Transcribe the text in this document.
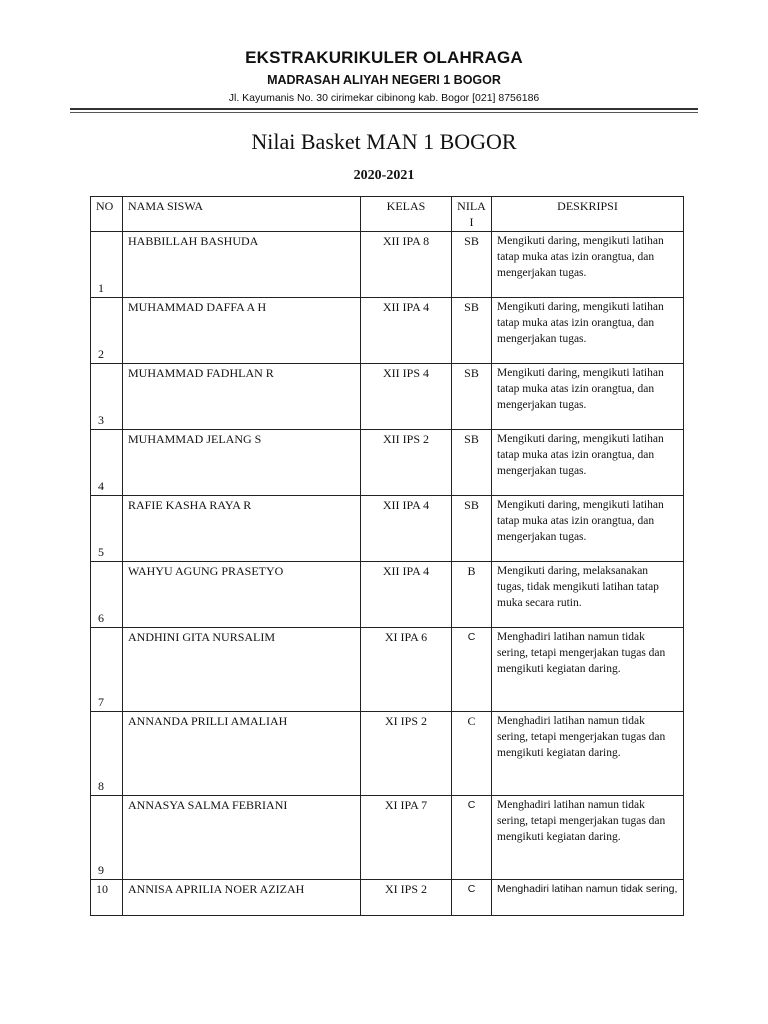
EKSTRAKURIKULER OLAHRAGA
MADRASAH ALIYAH NEGERI 1 BOGOR
Jl. Kayumanis No. 30 cirimekar cibinong kab. Bogor [021] 8756186
Nilai Basket MAN 1 BOGOR
2020-2021
NO	NAMA SISWA	KELAS	NILA I	DESKRIPSI

1	HABBILLAH BASHUDA	XII IPA 8	SB	Mengikuti daring, mengikuti latihan tatap muka atas izin orangtua, dan mengerjakan tugas.

2	MUHAMMAD DAFFA A H	XII IPA 4	SB	Mengikuti daring, mengikuti latihan tatap muka atas izin orangtua, dan mengerjakan tugas.

3	MUHAMMAD FADHLAN R	XII IPS 4	SB	Mengikuti daring, mengikuti latihan tatap muka atas izin orangtua, dan mengerjakan tugas.

4	MUHAMMAD JELANG S	XII IPS 2	SB	Mengikuti daring, mengikuti latihan tatap muka atas izin orangtua, dan mengerjakan tugas.

5	RAFIE KASHA RAYA R	XII IPA 4	SB	Mengikuti daring, mengikuti latihan tatap muka atas izin orangtua, dan mengerjakan tugas.

6	WAHYU AGUNG PRASETYO	XII IPA 4	B	Mengikuti daring, melaksanakan tugas, tidak mengikuti latihan tatap muka secara rutin.

7	ANDHINI GITA NURSALIM	XI IPA 6	C	Menghadiri latihan namun tidak sering, tetapi mengerjakan tugas dan mengikuti kegiatan daring.

8	ANNANDA PRILLI AMALIAH	XI IPS 2	C	Menghadiri latihan namun tidak sering, tetapi mengerjakan tugas dan mengikuti kegiatan daring.

9	ANNASYA SALMA FEBRIANI	XI IPA 7	C	Menghadiri latihan namun tidak sering, tetapi mengerjakan tugas dan mengikuti kegiatan daring.
10	ANNISA APRILIA NOER AZIZAH	XI IPS 2	C	Menghadiri latihan namun tidak sering,
